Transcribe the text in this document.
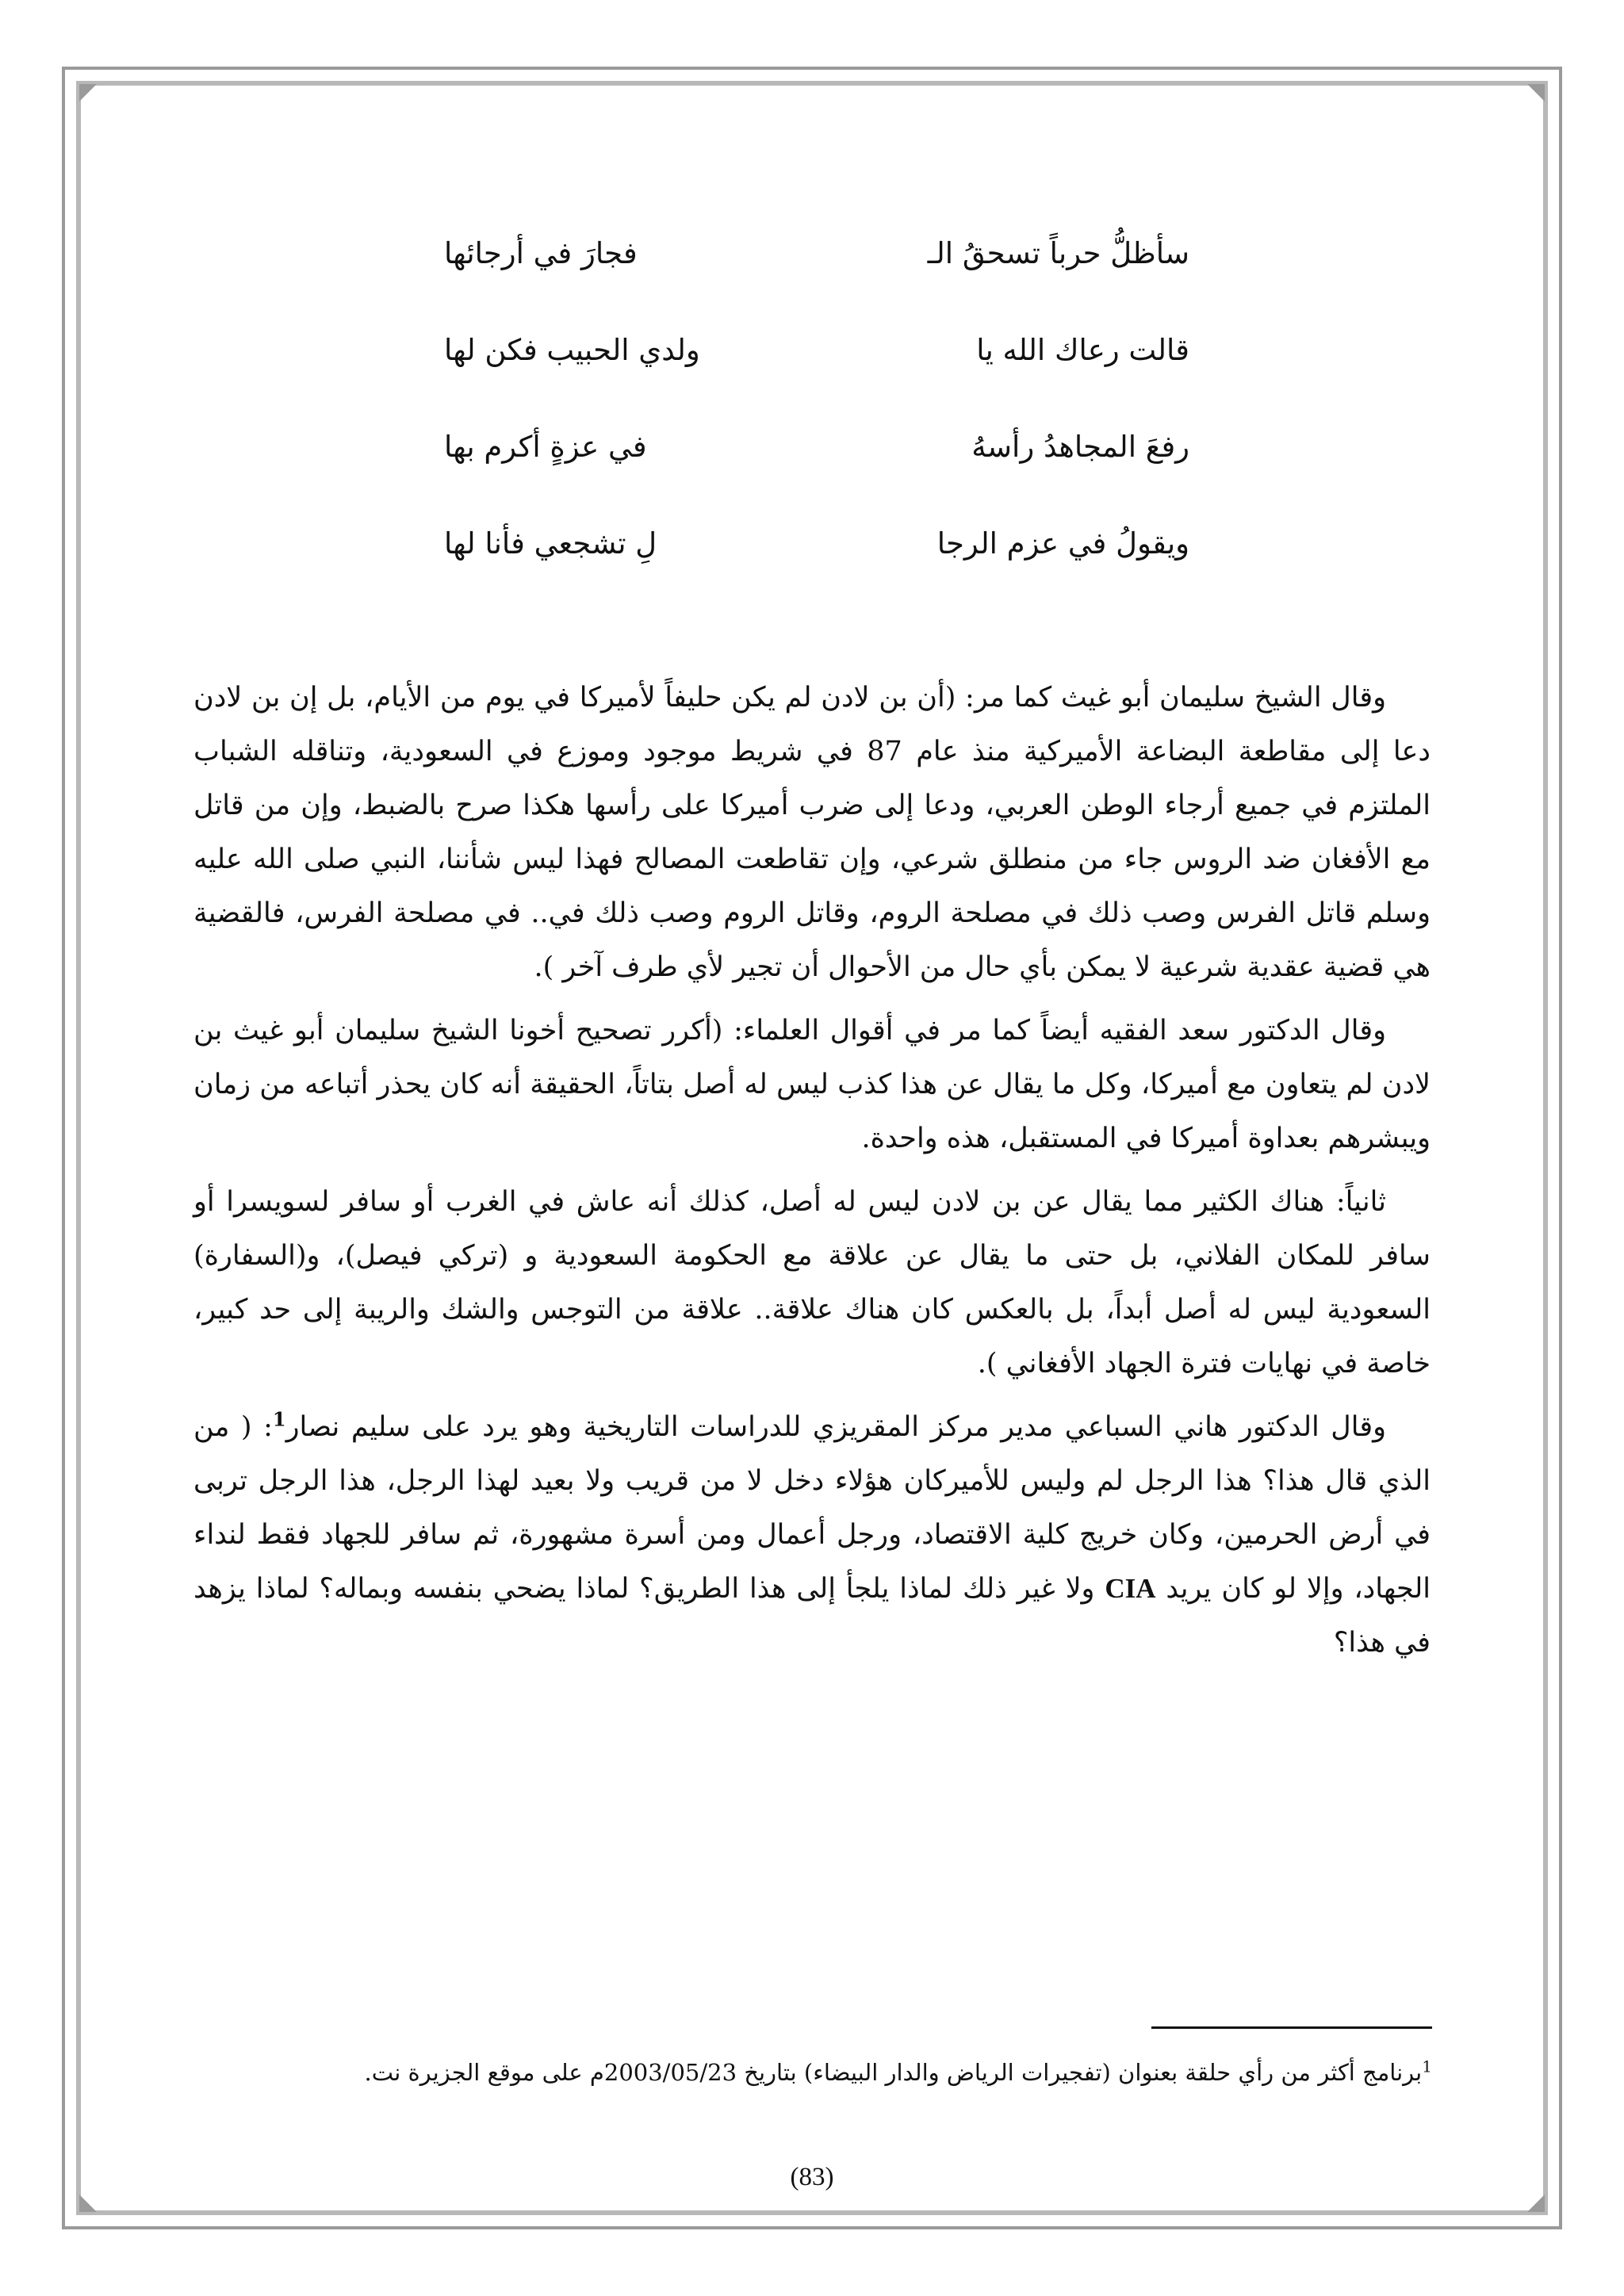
سأظلُّ حرباً تسحقُ الـ
فجارَ في أرجائها
قالت رعاك الله يا
ولدي الحبيب فكن لها
رفعَ المجاهدُ رأسهُ
في عزةٍ أكرم بها
ويقولُ في عزم الرجا
لِ تشجعي فأنا لها

وقال الشيخ سليمان أبو غيث كما مر: (أن بن لادن لم يكن حليفاً لأميركا في يوم من الأيام، بل إن بن لادن دعا إلى مقاطعة البضاعة الأميركية منذ عام 87 في شريط موجود وموزع في السعودية، وتناقله الشباب الملتزم في جميع أرجاء الوطن العربي، ودعا إلى ضرب أميركا على رأسها هكذا صرح بالضبط، وإن من قاتل مع الأفغان ضد الروس جاء من منطلق شرعي، وإن تقاطعت المصالح فهذا ليس شأننا، النبي صلى الله عليه وسلم قاتل الفرس وصب ذلك في مصلحة الروم، وقاتل الروم وصب ذلك في.. في مصلحة الفرس، فالقضية هي قضية عقدية شرعية لا يمكن بأي حال من الأحوال أن تجير لأي طرف آخر ).

وقال الدكتور سعد الفقيه أيضاً كما مر في أقوال العلماء: (أكرر تصحيح أخونا الشيخ سليمان أبو غيث بن لادن لم يتعاون مع أميركا، وكل ما يقال عن هذا كذب ليس له أصل بتاتاً، الحقيقة أنه كان يحذر أتباعه من زمان ويبشرهم بعداوة أميركا في المستقبل، هذه واحدة.

ثانياً: هناك الكثير مما يقال عن بن لادن ليس له أصل، كذلك أنه عاش في الغرب أو سافر لسويسرا أو سافر للمكان الفلاني، بل حتى ما يقال عن علاقة مع الحكومة السعودية و (تركي فيصل)، و(السفارة) السعودية ليس له أصل أبداً، بل بالعكس كان هناك علاقة.. علاقة من التوجس والشك والريبة إلى حد كبير، خاصة في نهايات فترة الجهاد الأفغاني ).

وقال الدكتور هاني السباعي مدير مركز المقريزي للدراسات التاريخية وهو يرد على سليم نصار$^1$: ( من الذي قال هذا؟ هذا الرجل لم وليس للأميركان هؤلاء دخل لا من قريب ولا بعيد لهذا الرجل، هذا الرجل تربى في أرض الحرمين، وكان خريج كلية الاقتصاد، ورجل أعمال ومن أسرة مشهورة، ثم سافر للجهاد فقط لنداء الجهاد، وإلا لو كان يريد CIA ولا غير ذلك لماذا يلجأ إلى هذا الطريق؟ لماذا يضحي بنفسه وبماله؟ لماذا يزهد في هذا؟

$^1$برنامج أكثر من رأي حلقة بعنوان (تفجيرات الرياض والدار البيضاء) بتاريخ 2003/05/23م على موقع الجزيرة نت.
(83)
